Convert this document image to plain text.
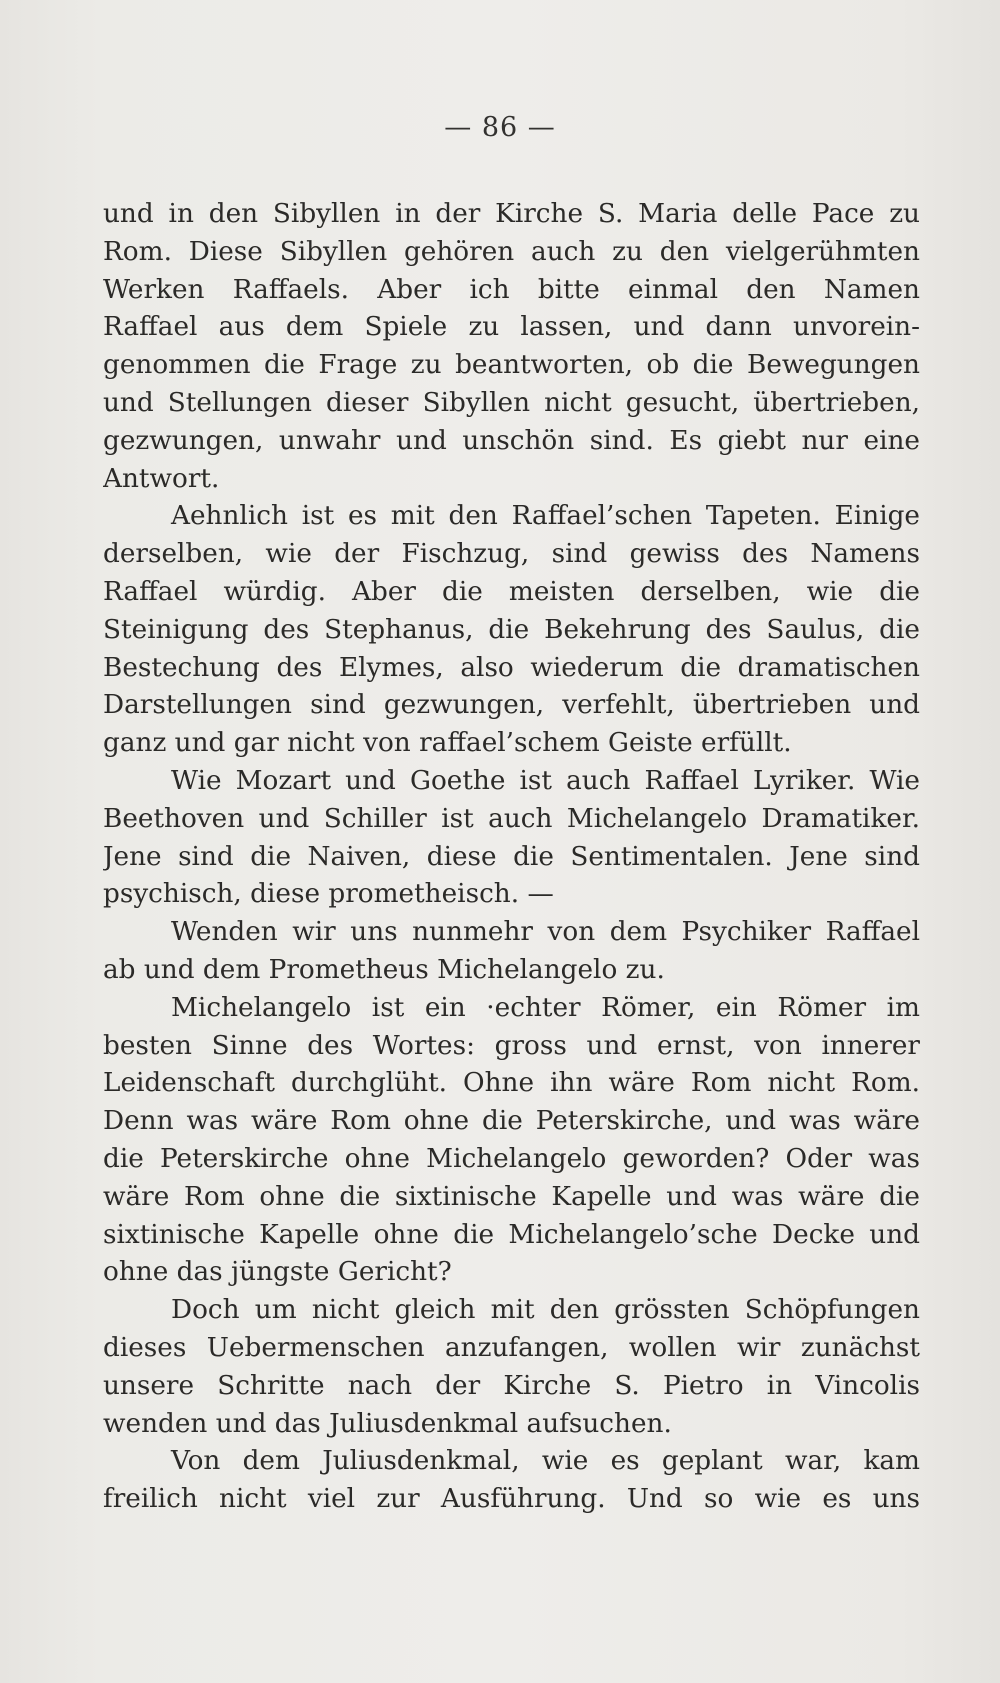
— 86 —
und in den Sibyllen in der Kirche S. Maria delle Pace zu
Rom. Diese Sibyllen gehören auch zu den vielgerühmten
Werken Raffaels. Aber ich bitte einmal den Namen
Raffael aus dem Spiele zu lassen, und dann unvorein-
genommen die Frage zu beantworten, ob die Bewegungen
und Stellungen dieser Sibyllen nicht gesucht, übertrieben,
gezwungen, unwahr und unschön sind. Es giebt nur eine
Antwort.
Aehnlich ist es mit den Raffael’schen Tapeten. Einige
derselben, wie der Fischzug, sind gewiss des Namens
Raffael würdig. Aber die meisten derselben, wie die
Steinigung des Stephanus, die Bekehrung des Saulus, die
Bestechung des Elymes, also wiederum die dramatischen
Darstellungen sind gezwungen, verfehlt, übertrieben und
ganz und gar nicht von raffael’schem Geiste erfüllt.
Wie Mozart und Goethe ist auch Raffael Lyriker. Wie
Beethoven und Schiller ist auch Michelangelo Dramatiker.
Jene sind die Naiven, diese die Sentimentalen. Jene sind
psychisch, diese prometheisch. —
Wenden wir uns nunmehr von dem Psychiker Raffael
ab und dem Prometheus Michelangelo zu.
Michelangelo ist ein ·echter Römer, ein Römer im
besten Sinne des Wortes: gross und ernst, von innerer
Leidenschaft durchglüht. Ohne ihn wäre Rom nicht Rom.
Denn was wäre Rom ohne die Peterskirche, und was wäre
die Peterskirche ohne Michelangelo geworden? Oder was
wäre Rom ohne die sixtinische Kapelle und was wäre die
sixtinische Kapelle ohne die Michelangelo’sche Decke und
ohne das jüngste Gericht?
Doch um nicht gleich mit den grössten Schöpfungen
dieses Uebermenschen anzufangen, wollen wir zunächst
unsere Schritte nach der Kirche S. Pietro in Vincolis
wenden und das Juliusdenkmal aufsuchen.
Von dem Juliusdenkmal, wie es geplant war, kam
freilich nicht viel zur Ausführung. Und so wie es uns
